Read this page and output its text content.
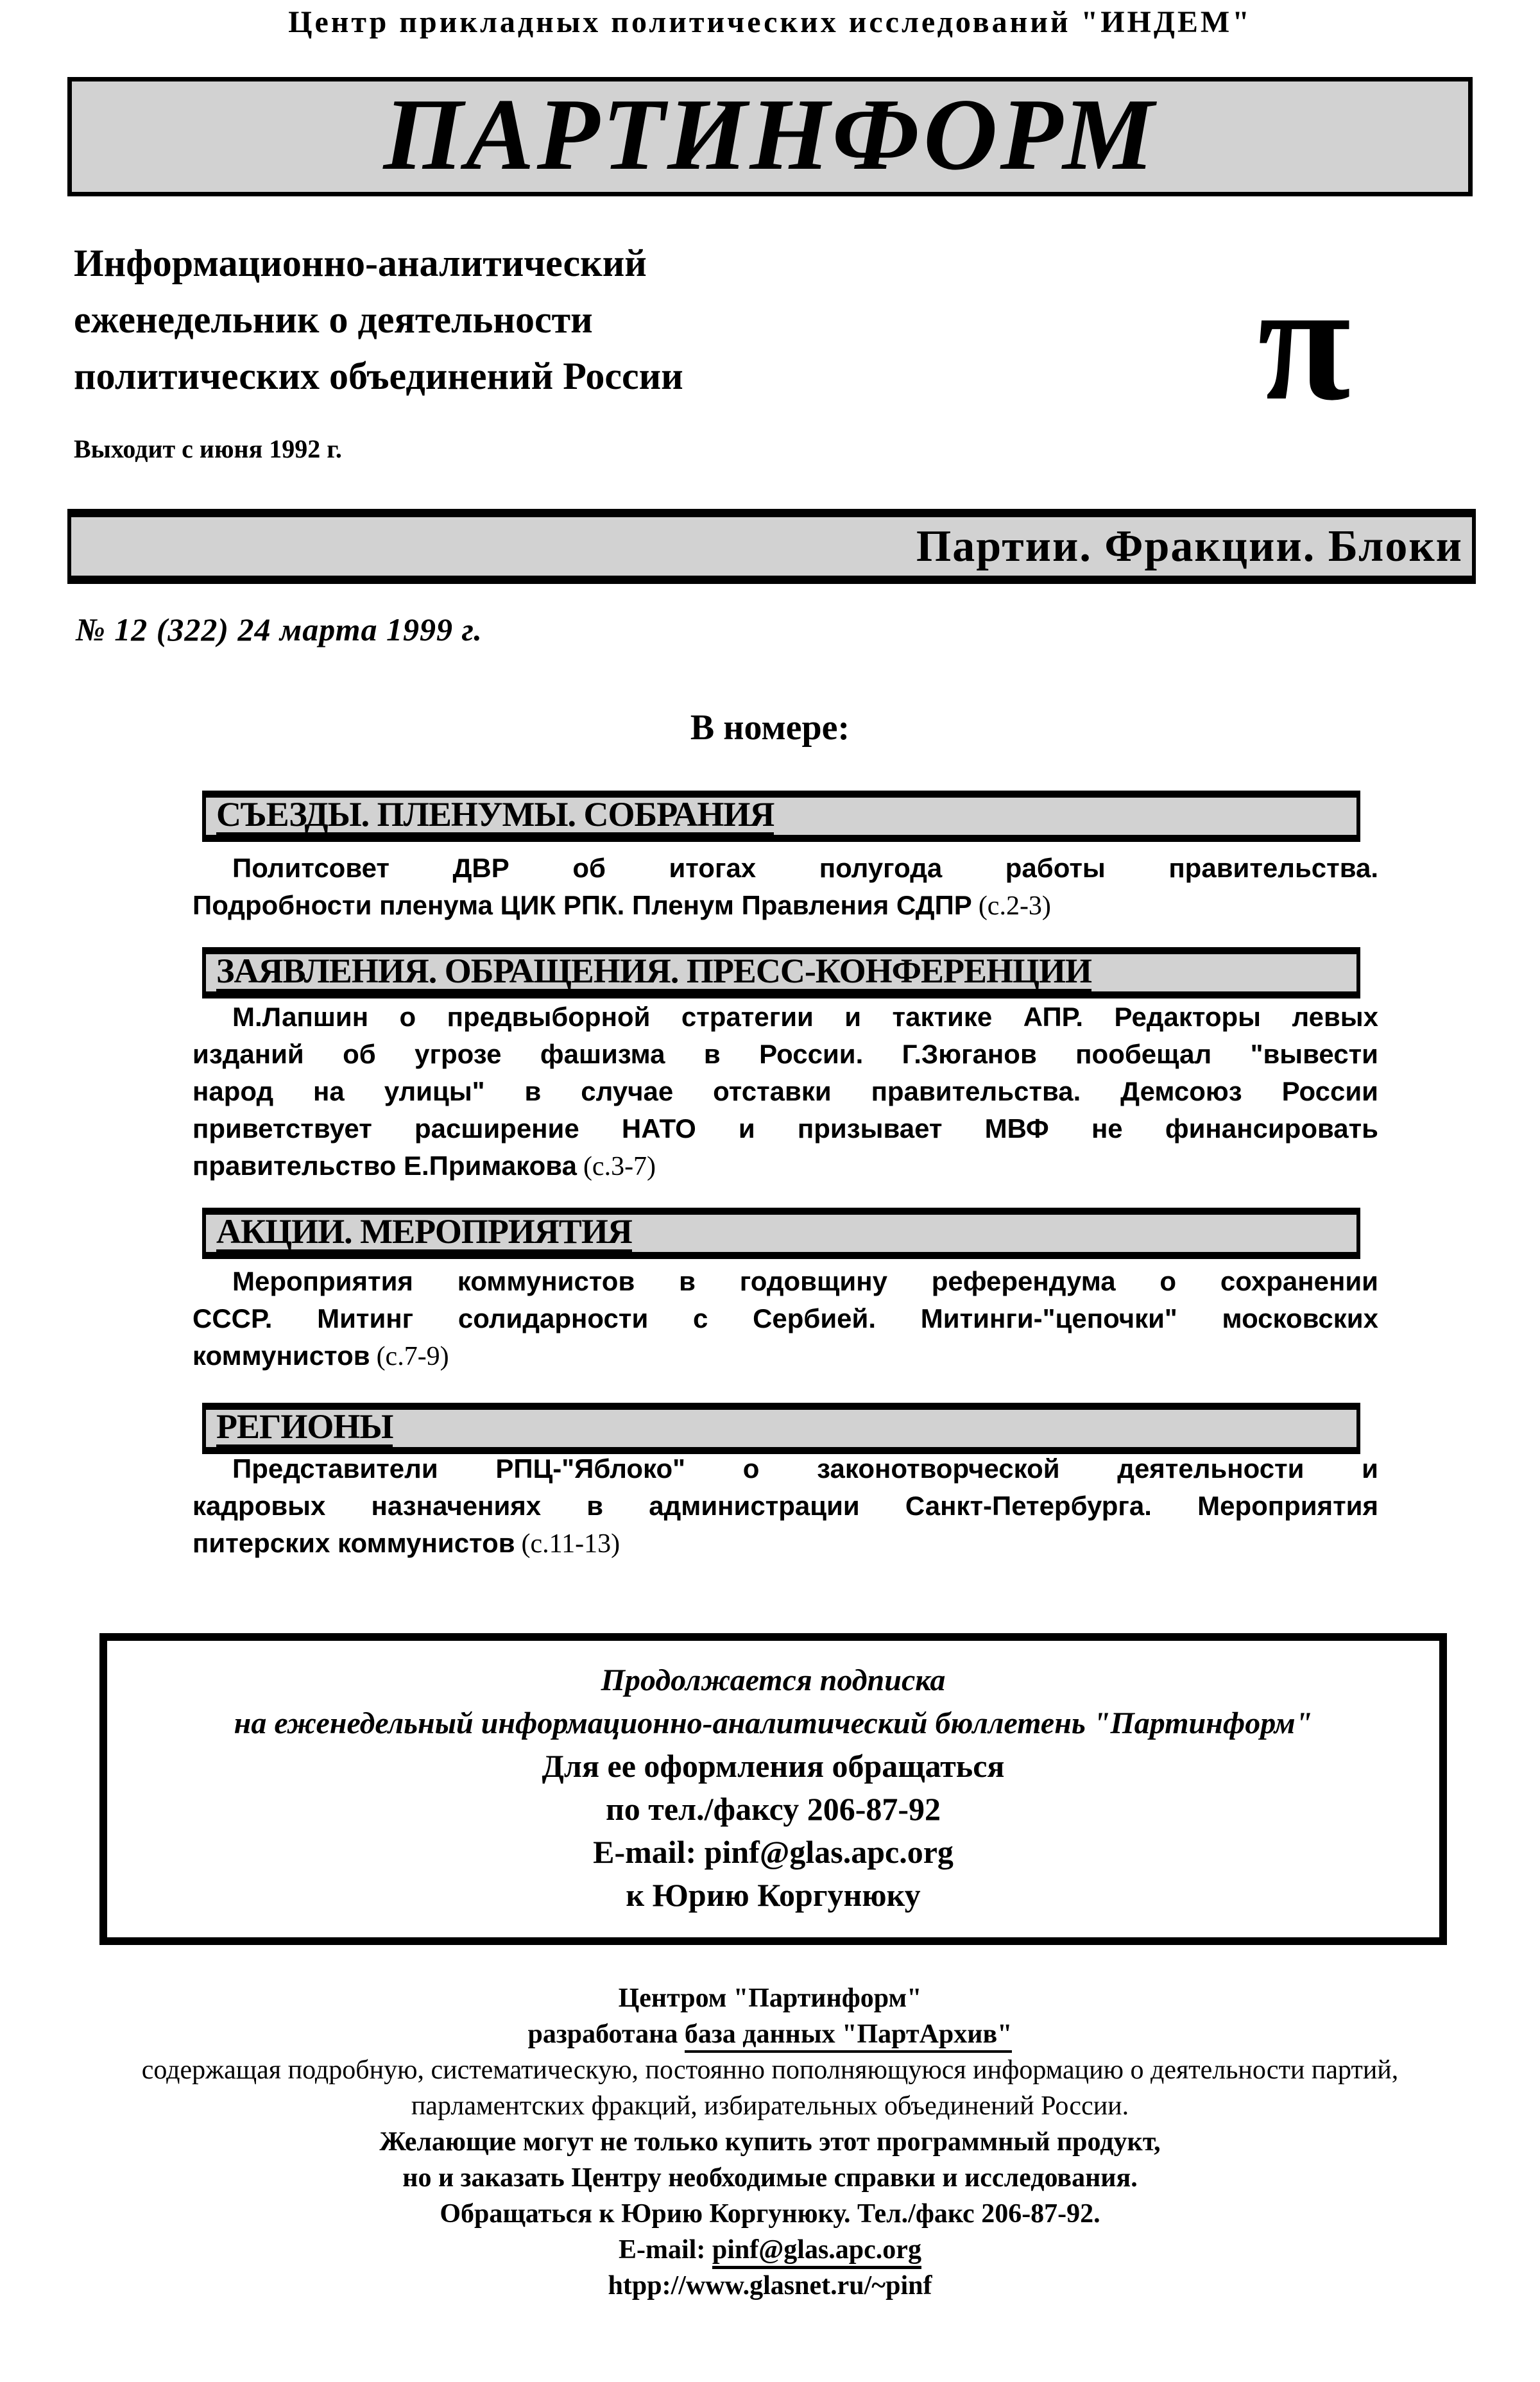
Центр прикладных политических исследований "ИНДЕМ"
ПАРТИНФОРМ
Информационно-аналитический
еженедельник о деятельности
политических объединений России
Выходит с июня 1992 г.
π
Партии. Фракции. Блоки
№ 12 (322) 24 марта 1999 г.
В номере:
СЪЕЗДЫ. ПЛЕНУМЫ. СОБРАНИЯ
Политсовет ДВР об итогах полугода работы правительства.
Подробности пленума ЦИК РПК. Пленум Правления СДПР (с.2-3)
ЗАЯВЛЕНИЯ. ОБРАЩЕНИЯ. ПРЕСС-КОНФЕРЕНЦИИ
М.Лапшин о предвыборной стратегии и тактике АПР. Редакторы левых
изданий об угрозе фашизма в России. Г.Зюганов пообещал "вывести
народ на улицы" в случае отставки правительства. Демсоюз России
приветствует расширение НАТО и призывает МВФ не финансировать
правительство Е.Примакова (с.3-7)
АКЦИИ. МЕРОПРИЯТИЯ
Мероприятия коммунистов в годовщину референдума о сохранении
СССР. Митинг солидарности с Сербией. Митинги-"цепочки" московских
коммунистов (с.7-9)
РЕГИОНЫ
Представители РПЦ-"Яблоко" о законотворческой деятельности и
кадровых назначениях в администрации Санкт-Петербурга. Мероприятия
питерских коммунистов (с.11-13)
Продолжается подписка
на еженедельный информационно-аналитический бюллетень "Партинформ"
Для ее оформления обращаться
по тел./факсу 206-87-92
E-mail: pinf@glas.apc.org
к Юрию Коргунюку
Центром "Партинформ"
разработана база данных "ПартАрхив"
содержащая подробную, систематическую, постоянно пополняющуюся информацию о деятельности партий,
парламентских фракций, избирательных объединений России.
Желающие могут не только купить этот программный продукт,
но и заказать Центру необходимые справки и исследования.
Обращаться к Юрию Коргунюку. Тел./факс 206-87-92.
E-mail: pinf@glas.apc.org
htpp://www.glasnet.ru/~pinf
